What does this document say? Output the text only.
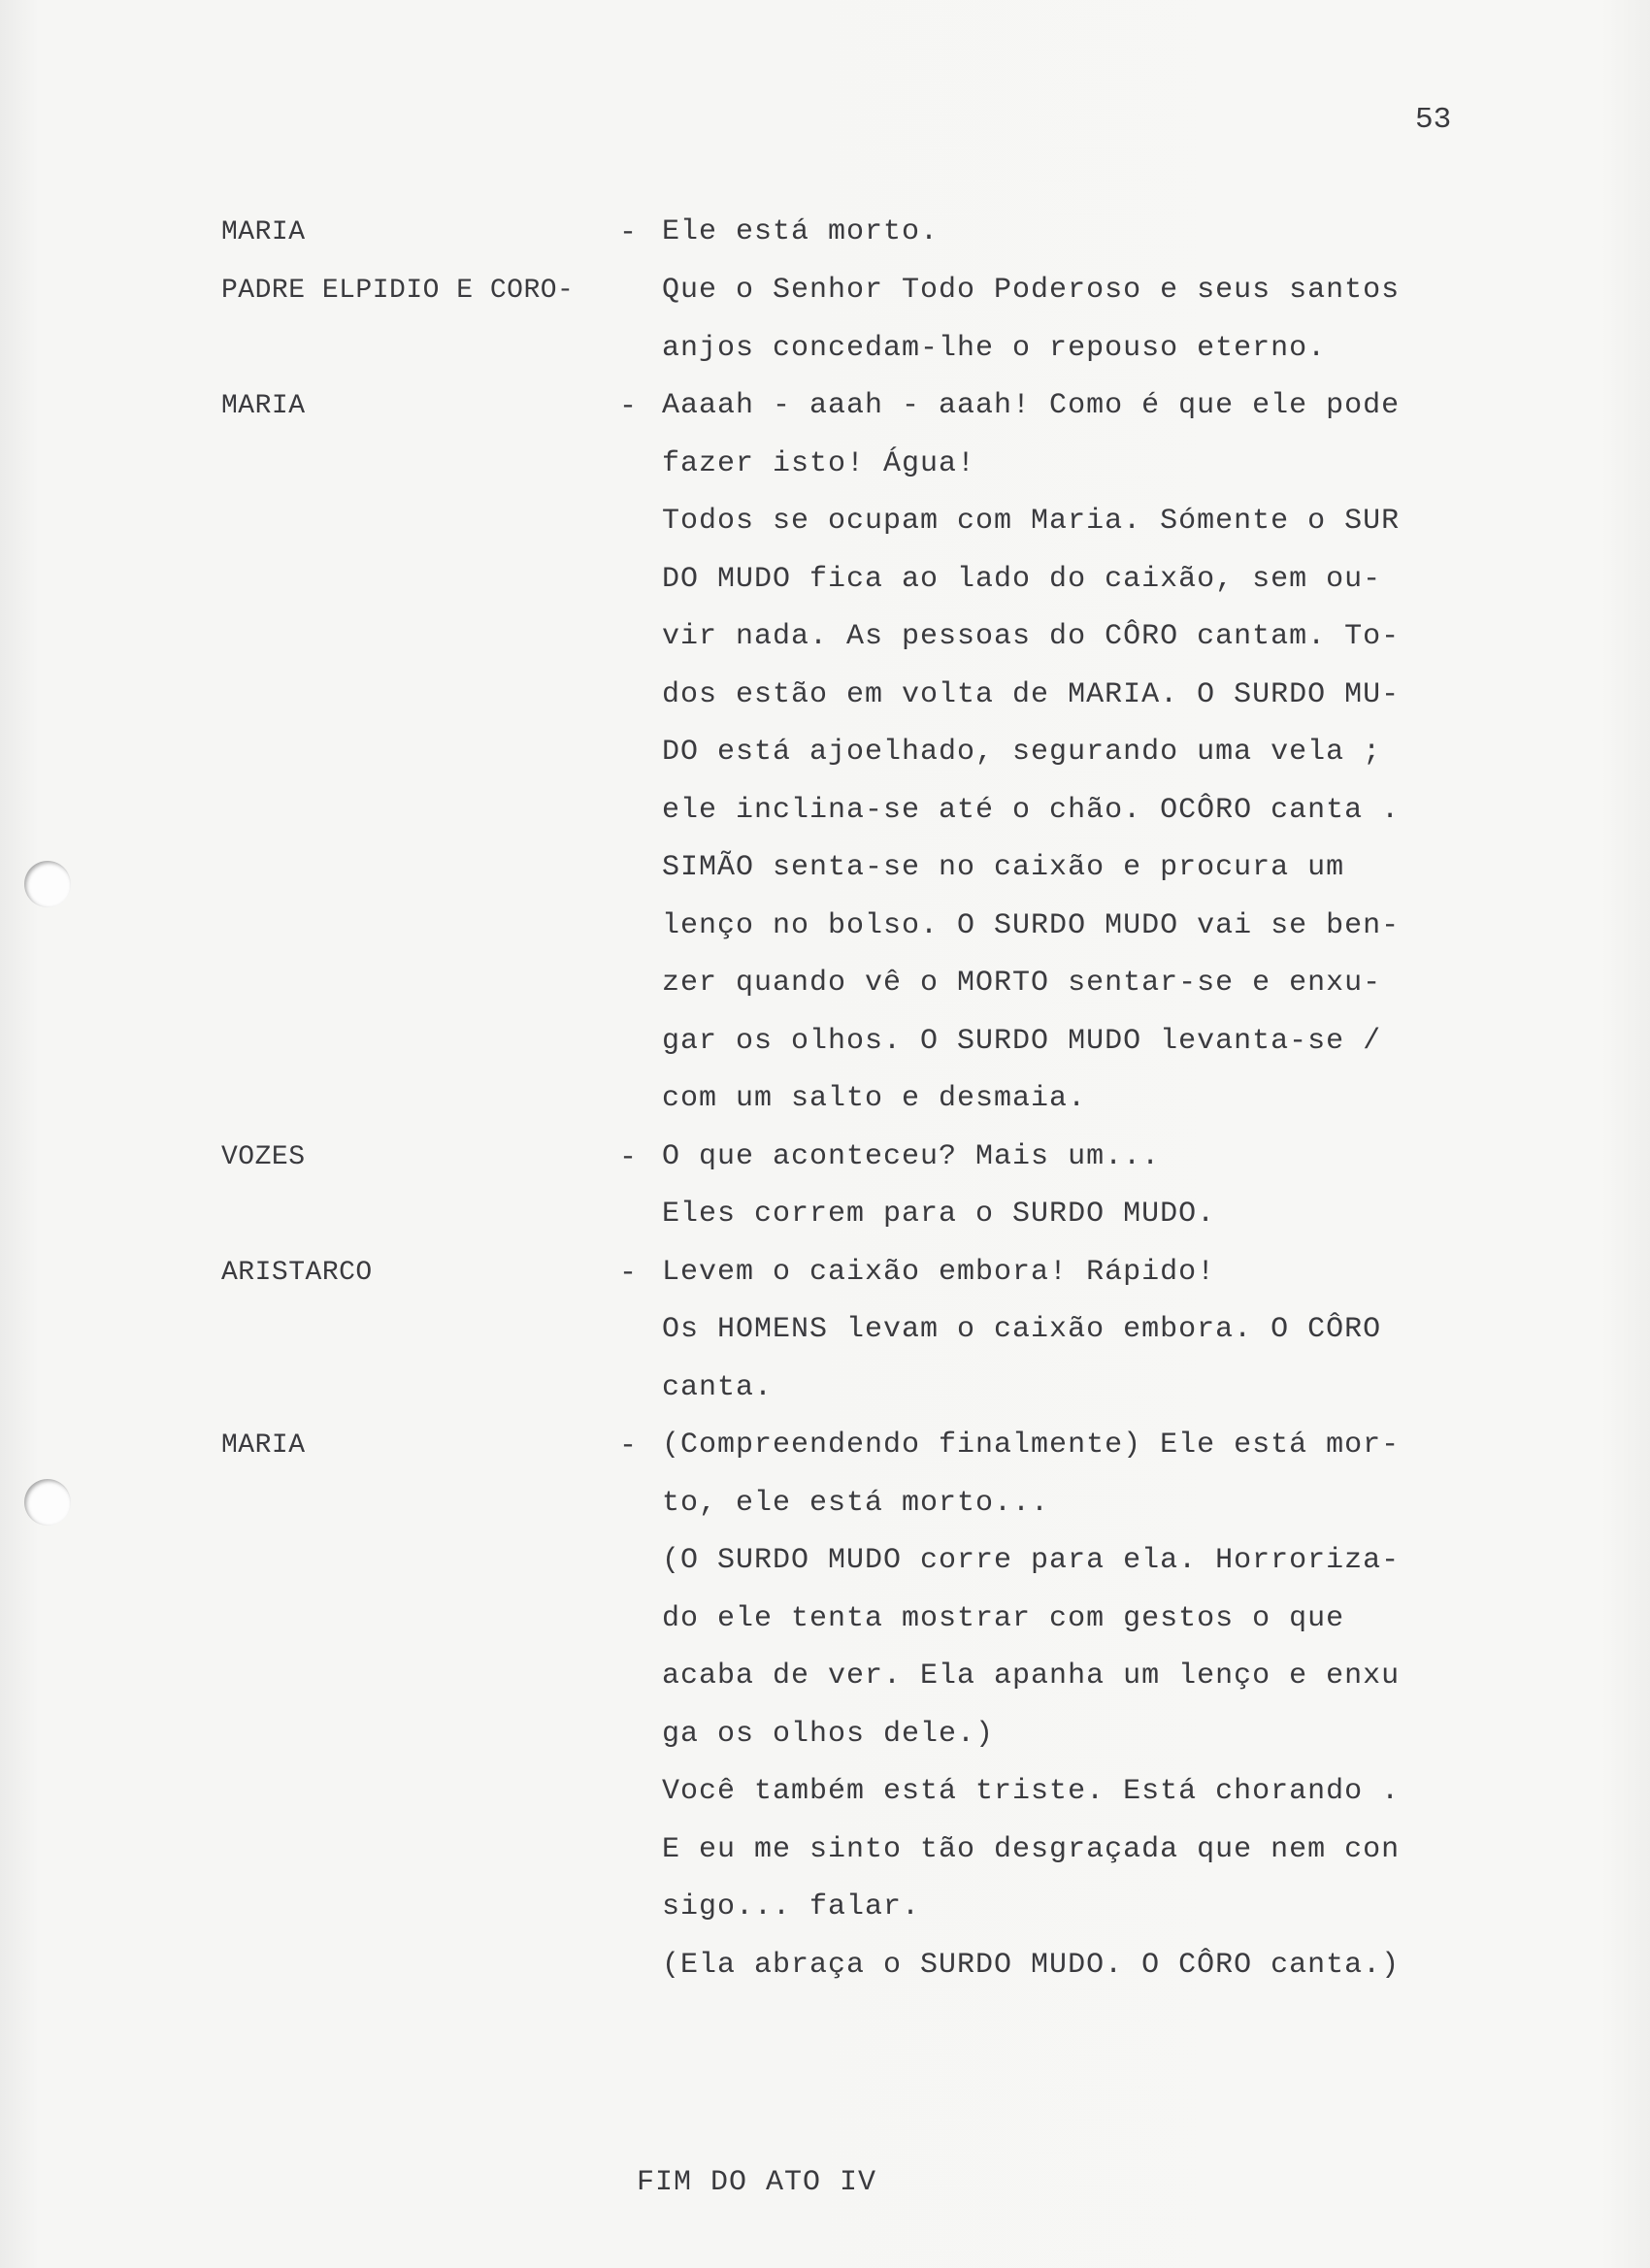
53
MARIA	- Ele está morto.
PADRE ELPIDIO E CORO-	Que o Senhor Todo Poderoso e seus santos
anjos concedam-lhe o repouso eterno.
MARIA	- Aaaah - aaah - aaah! Como é que ele pode
fazer isto! Água!
Todos se ocupam com Maria. Sómente o SUR
DO MUDO fica ao lado do caixão, sem ou-
vir nada. As pessoas do CÔRO cantam. To-
dos estão em volta de MARIA. O SURDO MU-
DO está ajoelhado, segurando uma vela ;
ele inclina-se até o chão. OCÔRO canta .
SIMÃO senta-se no caixão e procura um
lenço no bolso. O SURDO MUDO vai se ben-
zer quando vê o MORTO sentar-se e enxu-
gar os olhos. O SURDO MUDO levanta-se /
com um salto e desmaia.
VOZES	- O que aconteceu? Mais um...
Eles correm para o SURDO MUDO.
ARISTARCO	- Levem o caixão embora! Rápido!
Os HOMENS levam o caixão embora. O CÔRO
canta.
MARIA	- (Compreendendo finalmente) Ele está mor-
to, ele está morto...
(O SURDO MUDO corre para ela. Horroriza-
do ele tenta mostrar com gestos o que
acaba de ver. Ela apanha um lenço e enxu
ga os olhos dele.)
Você também está triste. Está chorando .
E eu me sinto tão desgraçada que nem con
sigo... falar.
(Ela abraça o SURDO MUDO. O CÔRO canta.)
FIM DO ATO IV
